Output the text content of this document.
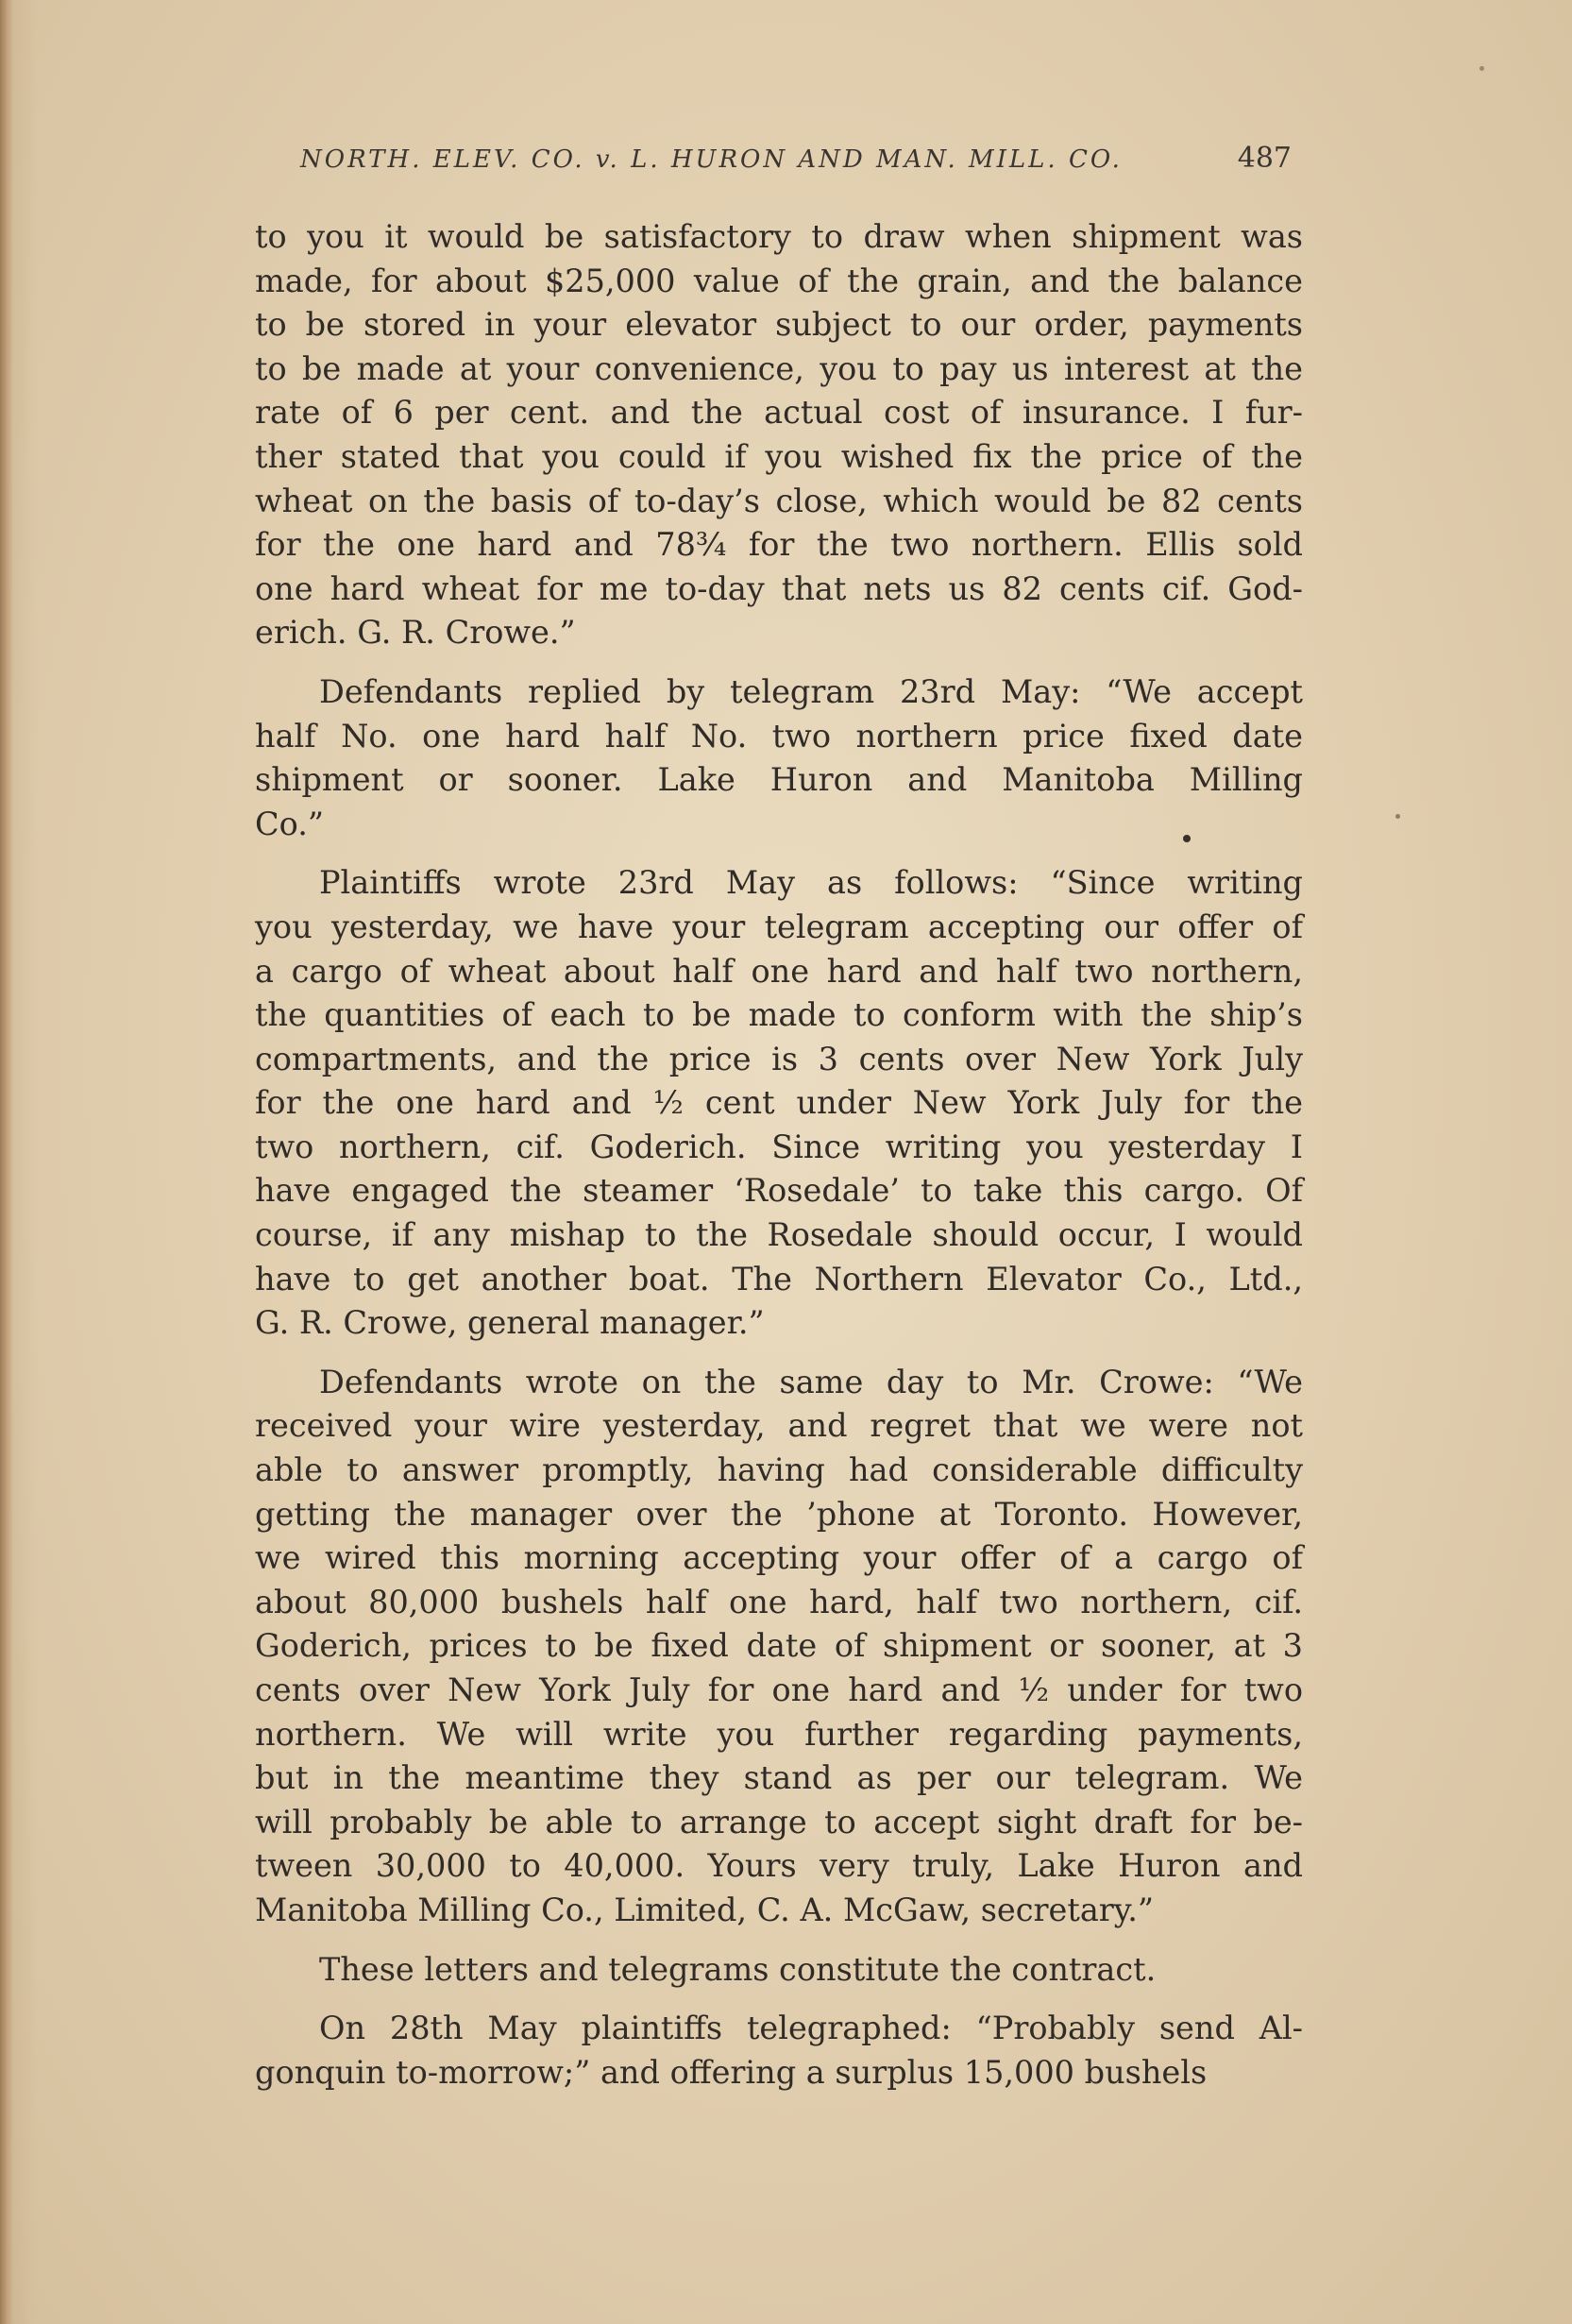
NORTH. ELEV. CO. v. L. HURON AND MAN. MILL. CO.	487

to you it would be satisfactory to draw when shipment was
made, for about $25,000 value of the grain, and the balance
to be stored in your elevator subject to our order, payments
to be made at your convenience, you to pay us interest at the
rate of 6 per cent. and the actual cost of insurance. I fur-
ther stated that you could if you wished fix the price of the
wheat on the basis of to-day’s close, which would be 82 cents
for the one hard and 78¾ for the two northern. Ellis sold
one hard wheat for me to-day that nets us 82 cents cif. God-
erich. G. R. Crowe.”

Defendants replied by telegram 23rd May: “We accept
half No. one hard half No. two northern price fixed date
shipment or sooner. Lake Huron and Manitoba Milling
Co.”

Plaintiffs wrote 23rd May as follows: “Since writing
you yesterday, we have your telegram accepting our offer of
a cargo of wheat about half one hard and half two northern,
the quantities of each to be made to conform with the ship’s
compartments, and the price is 3 cents over New York July
for the one hard and ½ cent under New York July for the
two northern, cif. Goderich. Since writing you yesterday I
have engaged the steamer ‘Rosedale’ to take this cargo. Of
course, if any mishap to the Rosedale should occur, I would
have to get another boat. The Northern Elevator Co., Ltd.,
G. R. Crowe, general manager.”

Defendants wrote on the same day to Mr. Crowe: “We
received your wire yesterday, and regret that we were not
able to answer promptly, having had considerable difficulty
getting the manager over the ’phone at Toronto. However,
we wired this morning accepting your offer of a cargo of
about 80,000 bushels half one hard, half two northern, cif.
Goderich, prices to be fixed date of shipment or sooner, at 3
cents over New York July for one hard and ½ under for two
northern. We will write you further regarding payments,
but in the meantime they stand as per our telegram. We
will probably be able to arrange to accept sight draft for be-
tween 30,000 to 40,000. Yours very truly, Lake Huron and
Manitoba Milling Co., Limited, C. A. McGaw, secretary.”

These letters and telegrams constitute the contract.

On 28th May plaintiffs telegraphed: “Probably send Al-
gonquin to-morrow;” and offering a surplus 15,000 bushels
